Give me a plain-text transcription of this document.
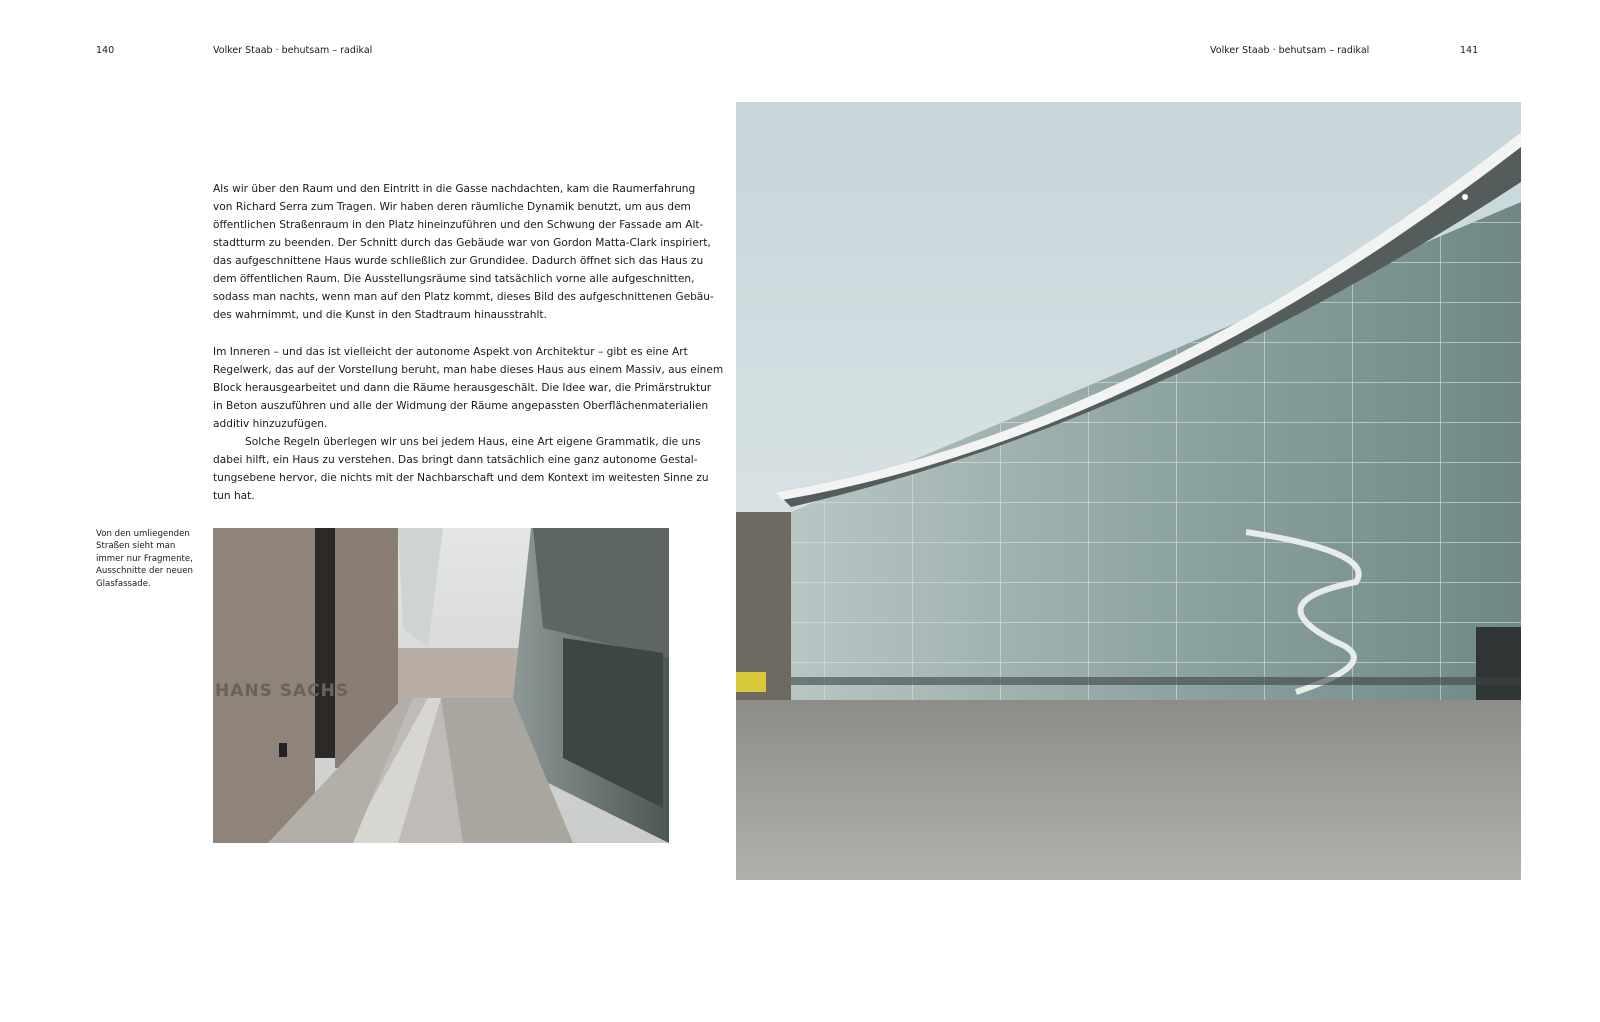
140	Volker Staab · behutsam – radikal	Volker Staab · behutsam – radikal	141
Als wir über den Raum und den Eintritt in die Gasse nachdachten, kam die Raumerfahrung
von Richard Serra zum Tragen. Wir haben deren räumliche Dynamik benutzt, um aus dem
öffentlichen Straßenraum in den Platz hineinzuführen und den Schwung der Fassade am Alt-
stadtturm zu beenden. Der Schnitt durch das Gebäude war von Gordon Matta-Clark inspiriert,
das aufgeschnittene Haus wurde schließlich zur Grundidee. Dadurch öffnet sich das Haus zu
dem öffentlichen Raum. Die Ausstellungsräume sind tatsächlich vorne alle aufgeschnitten,
sodass man nachts, wenn man auf den Platz kommt, dieses Bild des aufgeschnittenen Gebäu-
des wahrnimmt, und die Kunst in den Stadtraum hinausstrahlt.
Im Inneren – und das ist vielleicht der autonome Aspekt von Architektur – gibt es eine Art
Regelwerk, das auf der Vorstellung beruht, man habe dieses Haus aus einem Massiv, aus einem
Block herausgearbeitet und dann die Räume herausgeschält. Die Idee war, die Primärstruktur
in Beton auszuführen und alle der Widmung der Räume angepassten Oberflächenmaterialien
additiv hinzuzufügen.
Solche Regeln überlegen wir uns bei jedem Haus, eine Art eigene Grammatik, die uns
dabei hilft, ein Haus zu verstehen. Das bringt dann tatsächlich eine ganz autonome Gestal-
tungsebene hervor, die nichts mit der Nachbarschaft und dem Kontext im weitesten Sinne zu
tun hat.
Von den umliegenden
Straßen sieht man
immer nur Fragmente,
Ausschnitte der neuen
Glasfassade.
HANS SACHS
